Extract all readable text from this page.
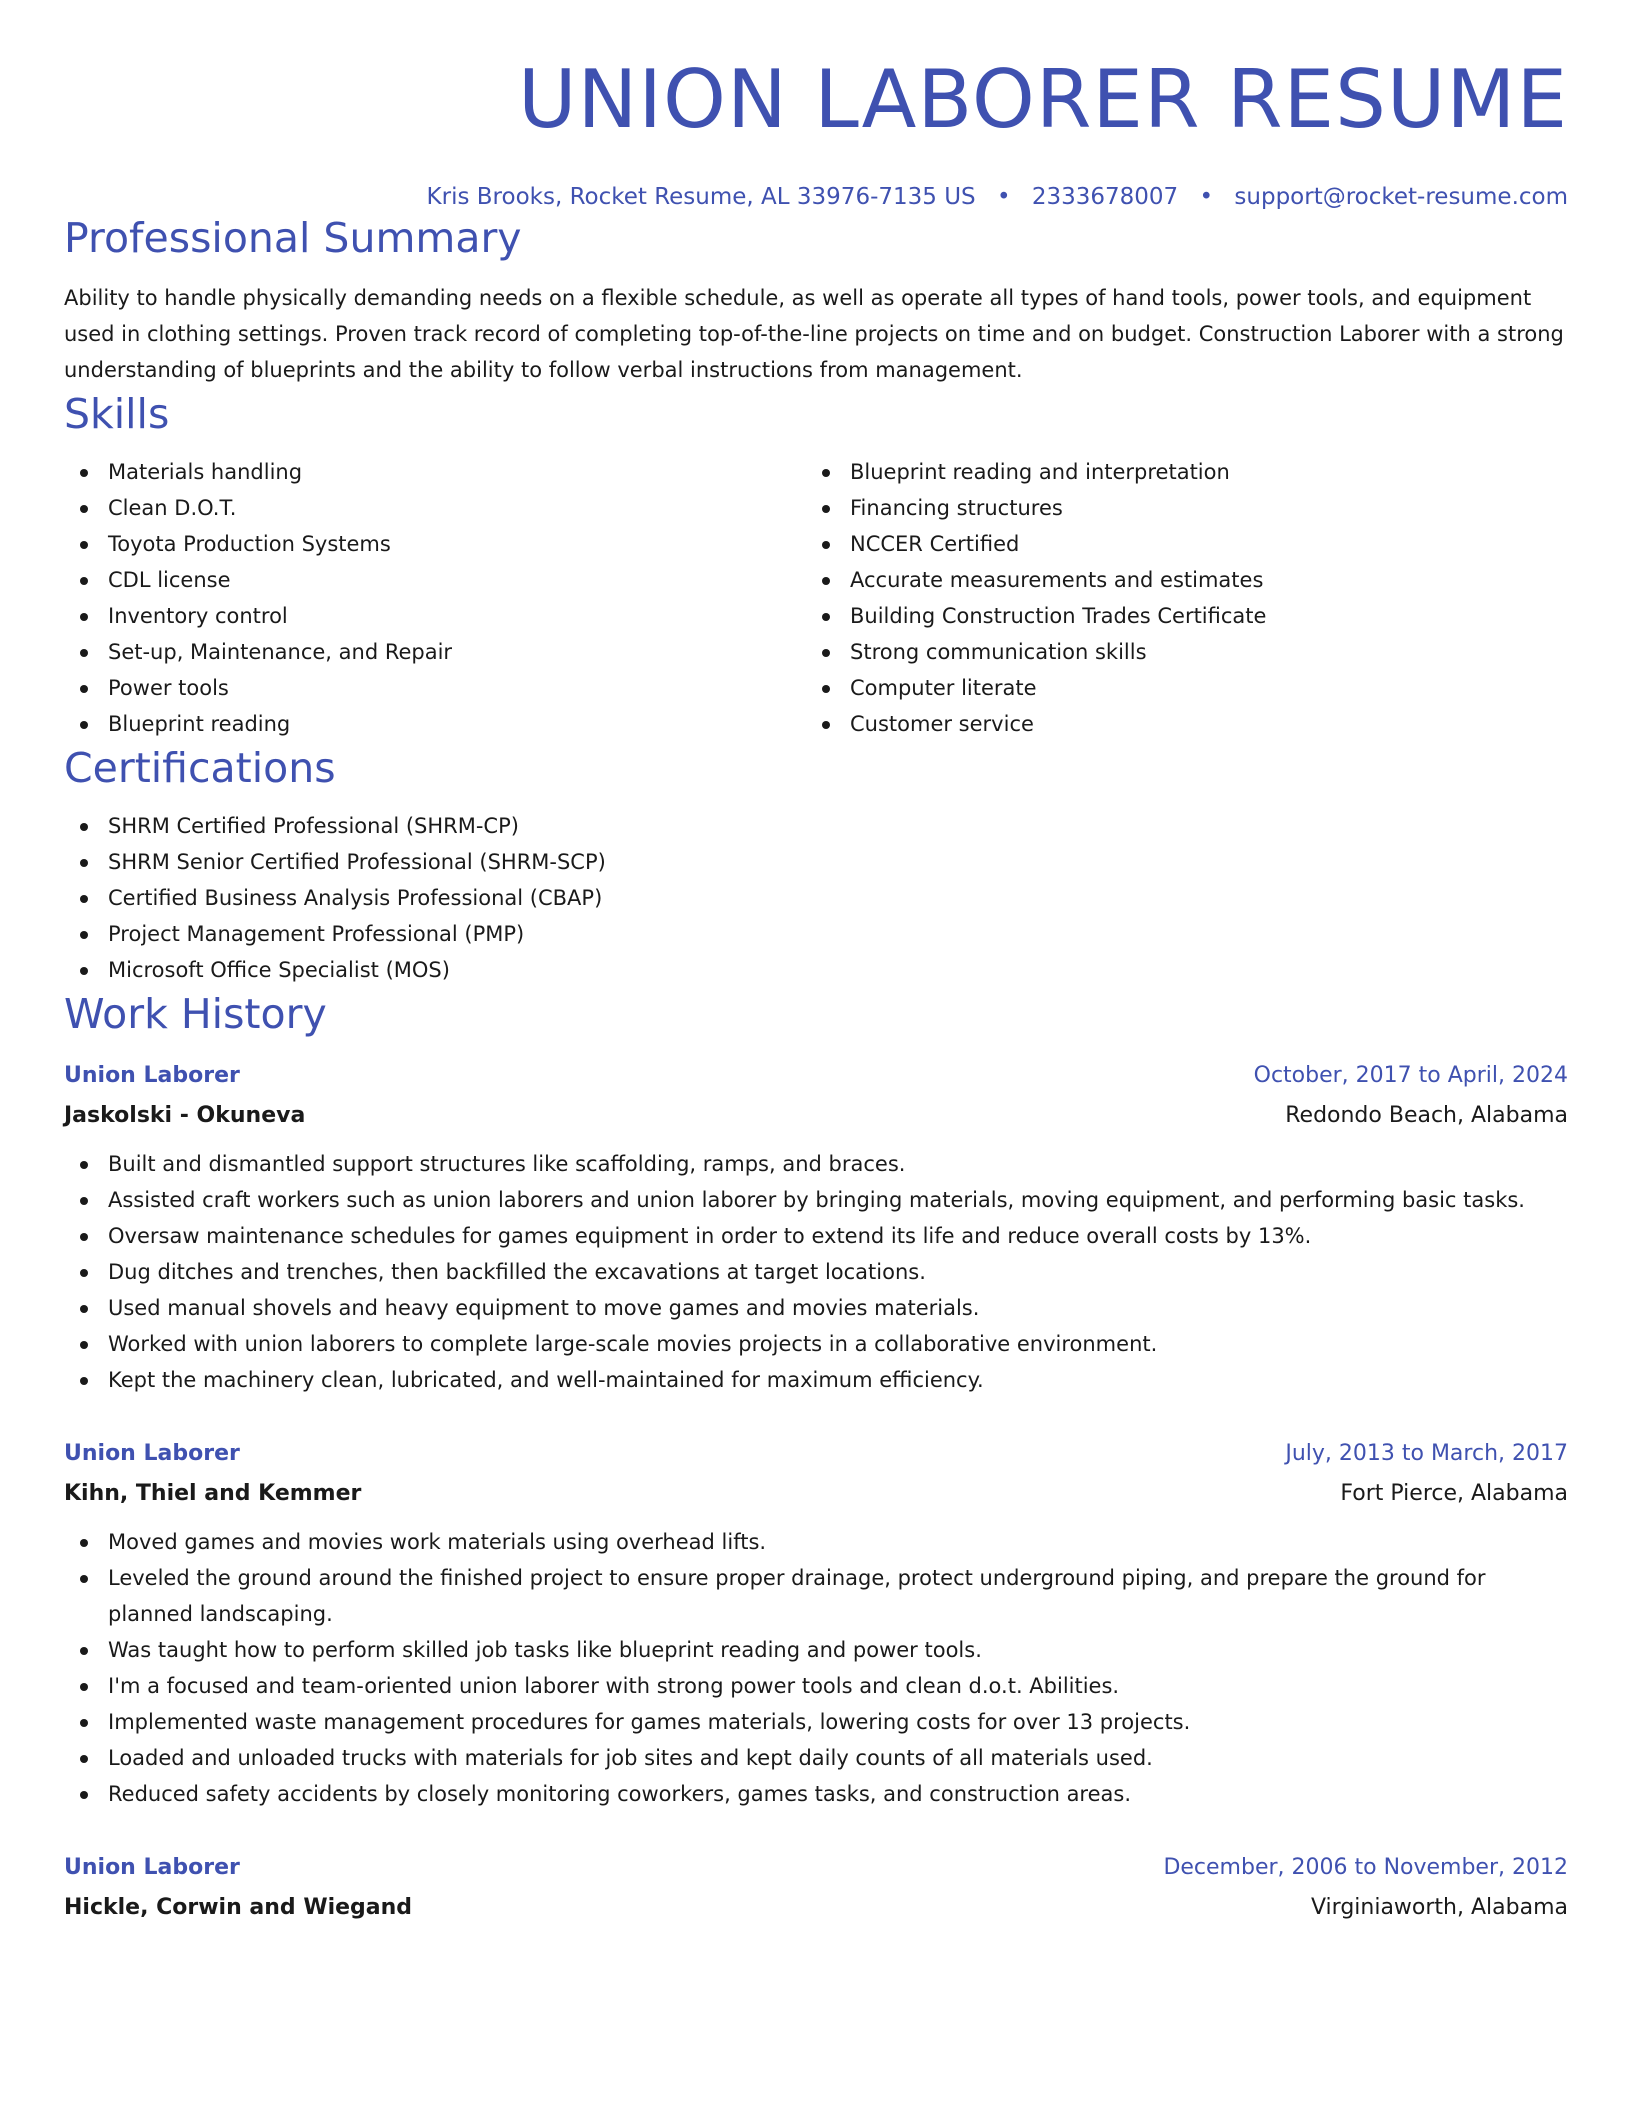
UNION LABORER RESUME
Kris Brooks, Rocket Resume, AL 33976-7135 US • 2333678007 • support@rocket-resume.com
Professional Summary

Ability to handle physically demanding needs on a flexible schedule, as well as operate all types of hand tools, power tools, and equipment used in clothing settings. Proven track record of completing top-of-the-line projects on time and on budget. Construction Laborer with a strong understanding of blueprints and the ability to follow verbal instructions from management.

Skills
Materials handling
Clean D.O.T.
Toyota Production Systems
CDL license
Inventory control
Set-up, Maintenance, and Repair
Power tools
Blueprint reading
Blueprint reading and interpretation
Financing structures
NCCER Certified
Accurate measurements and estimates
Building Construction Trades Certificate
Strong communication skills
Computer literate
Customer service
Certifications
SHRM Certified Professional (SHRM-CP)
SHRM Senior Certified Professional (SHRM-SCP)
Certified Business Analysis Professional (CBAP)
Project Management Professional (PMP)
Microsoft Office Specialist (MOS)
Work History
Union Laborer	October, 2017 to April, 2024
Jaskolski - Okuneva	Redondo Beach, Alabama
Built and dismantled support structures like scaffolding, ramps, and braces.
Assisted craft workers such as union laborers and union laborer by bringing materials, moving equipment, and performing basic tasks.
Oversaw maintenance schedules for games equipment in order to extend its life and reduce overall costs by 13%.
Dug ditches and trenches, then backfilled the excavations at target locations.
Used manual shovels and heavy equipment to move games and movies materials.
Worked with union laborers to complete large-scale movies projects in a collaborative environment.
Kept the machinery clean, lubricated, and well-maintained for maximum efficiency.
Union Laborer	July, 2013 to March, 2017
Kihn, Thiel and Kemmer	Fort Pierce, Alabama
Moved games and movies work materials using overhead lifts.
Leveled the ground around the finished project to ensure proper drainage, protect underground piping, and prepare the ground for planned landscaping.
Was taught how to perform skilled job tasks like blueprint reading and power tools.
I'm a focused and team-oriented union laborer with strong power tools and clean d.o.t. Abilities.
Implemented waste management procedures for games materials, lowering costs for over 13 projects.
Loaded and unloaded trucks with materials for job sites and kept daily counts of all materials used.
Reduced safety accidents by closely monitoring coworkers, games tasks, and construction areas.
Union Laborer	December, 2006 to November, 2012
Hickle, Corwin and Wiegand	Virginiaworth, Alabama
